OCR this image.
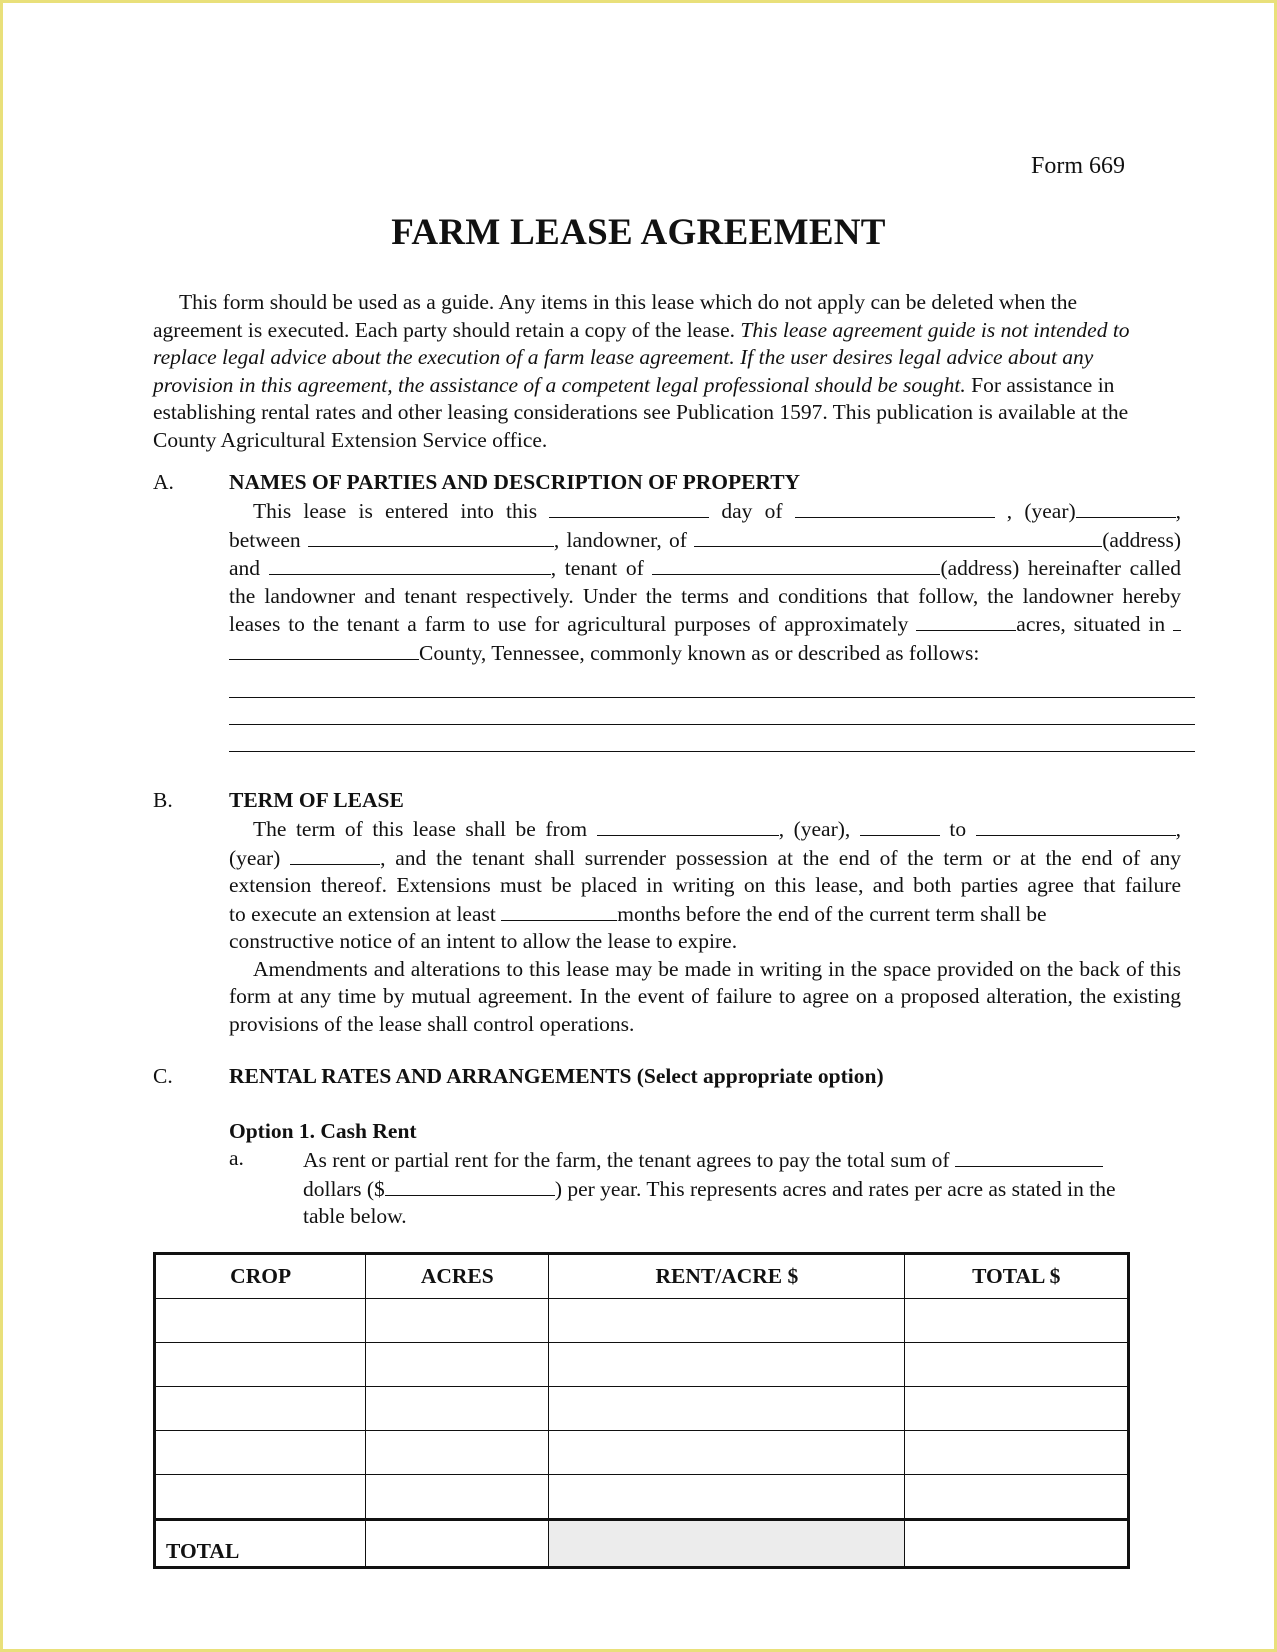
Form 669
FARM LEASE AGREEMENT
This form should be used as a guide. Any items in this lease which do not apply can be deleted when the agreement is executed. Each party should retain a copy of the lease. This lease agreement guide is not intended to replace legal advice about the execution of a farm lease agreement. If the user desires legal advice about any provision in this agreement, the assistance of a competent legal professional should be sought. For assistance in establishing rental rates and other leasing considerations see Publication 1597. This publication is available at the County Agricultural Extension Service office.
A.	NAMES OF PARTIES AND DESCRIPTION OF PROPERTY
This lease is entered into this	day of	, (year)	,
between	, landowner, of	(address)
and	, tenant of	(address) hereinafter called
the landowner and tenant respectively. Under the terms and conditions that follow, the landowner hereby
leases to the tenant a farm to use for agricultural purposes of approximately	acres, situated in
County, Tennessee, commonly known as or described as follows:
B.	TERM OF LEASE
The term of this lease shall be from	, (year),	to	,
(year)	, and the tenant shall surrender possession at the end of the term or at the end of any
extension thereof. Extensions must be placed in writing on this lease, and both parties agree that failure
to execute an extension at least	months before the end of the current term shall be
constructive notice of an intent to allow the lease to expire.
Amendments and alterations to this lease may be made in writing in the space provided on the back of this form at any time by mutual agreement. In the event of failure to agree on a proposed alteration, the existing provisions of the lease shall control operations.
C.	RENTAL RATES AND ARRANGEMENTS (Select appropriate option)
Option 1. Cash Rent
a.	As rent or partial rent for the farm, the tenant agrees to pay the total sum of
dollars ($	) per year. This represents acres and rates per acre as stated in the
table below.
CROP	ACRES	RENT/ACRE $	TOTAL $

TOTAL			
